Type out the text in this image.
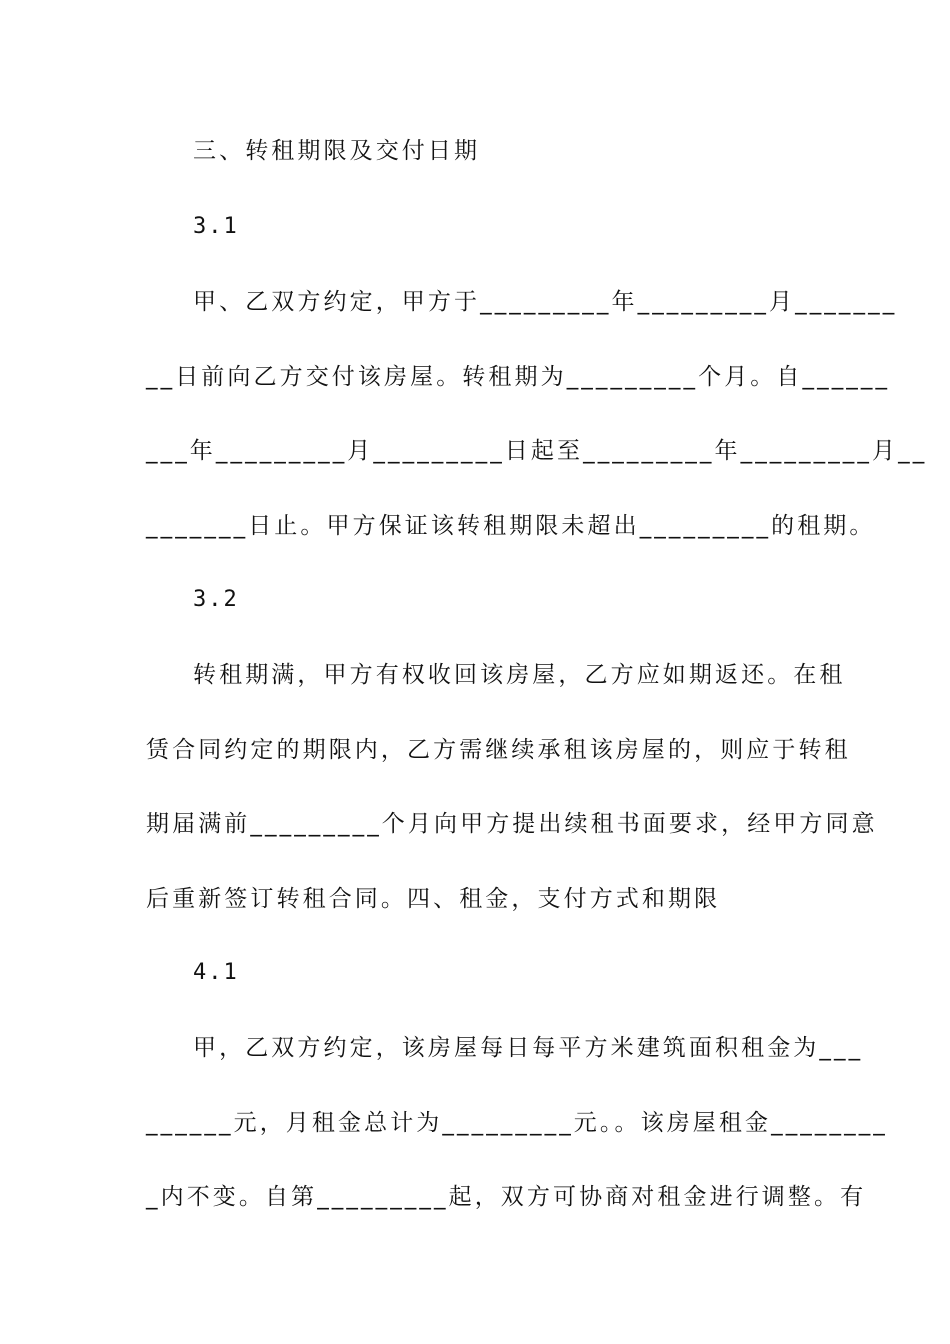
三、转租期限及交付日期
3.1
甲、乙双方约定，甲方于_________年_________月_______
__日前向乙方交付该房屋。转租期为_________个月。自______
___年_________月_________日起至_________年_________月__
_______日止。甲方保证该转租期限未超出_________的租期。
3.2
转租期满，甲方有权收回该房屋，乙方应如期返还。在租
赁合同约定的期限内，乙方需继续承租该房屋的，则应于转租
期届满前_________个月向甲方提出续租书面要求，经甲方同意
后重新签订转租合同。四、租金，支付方式和期限
4.1
甲，乙双方约定，该房屋每日每平方米建筑面积租金为___
______元，月租金总计为_________元。。该房屋租金________
_内不变。自第_________起，双方可协商对租金进行调整。有
